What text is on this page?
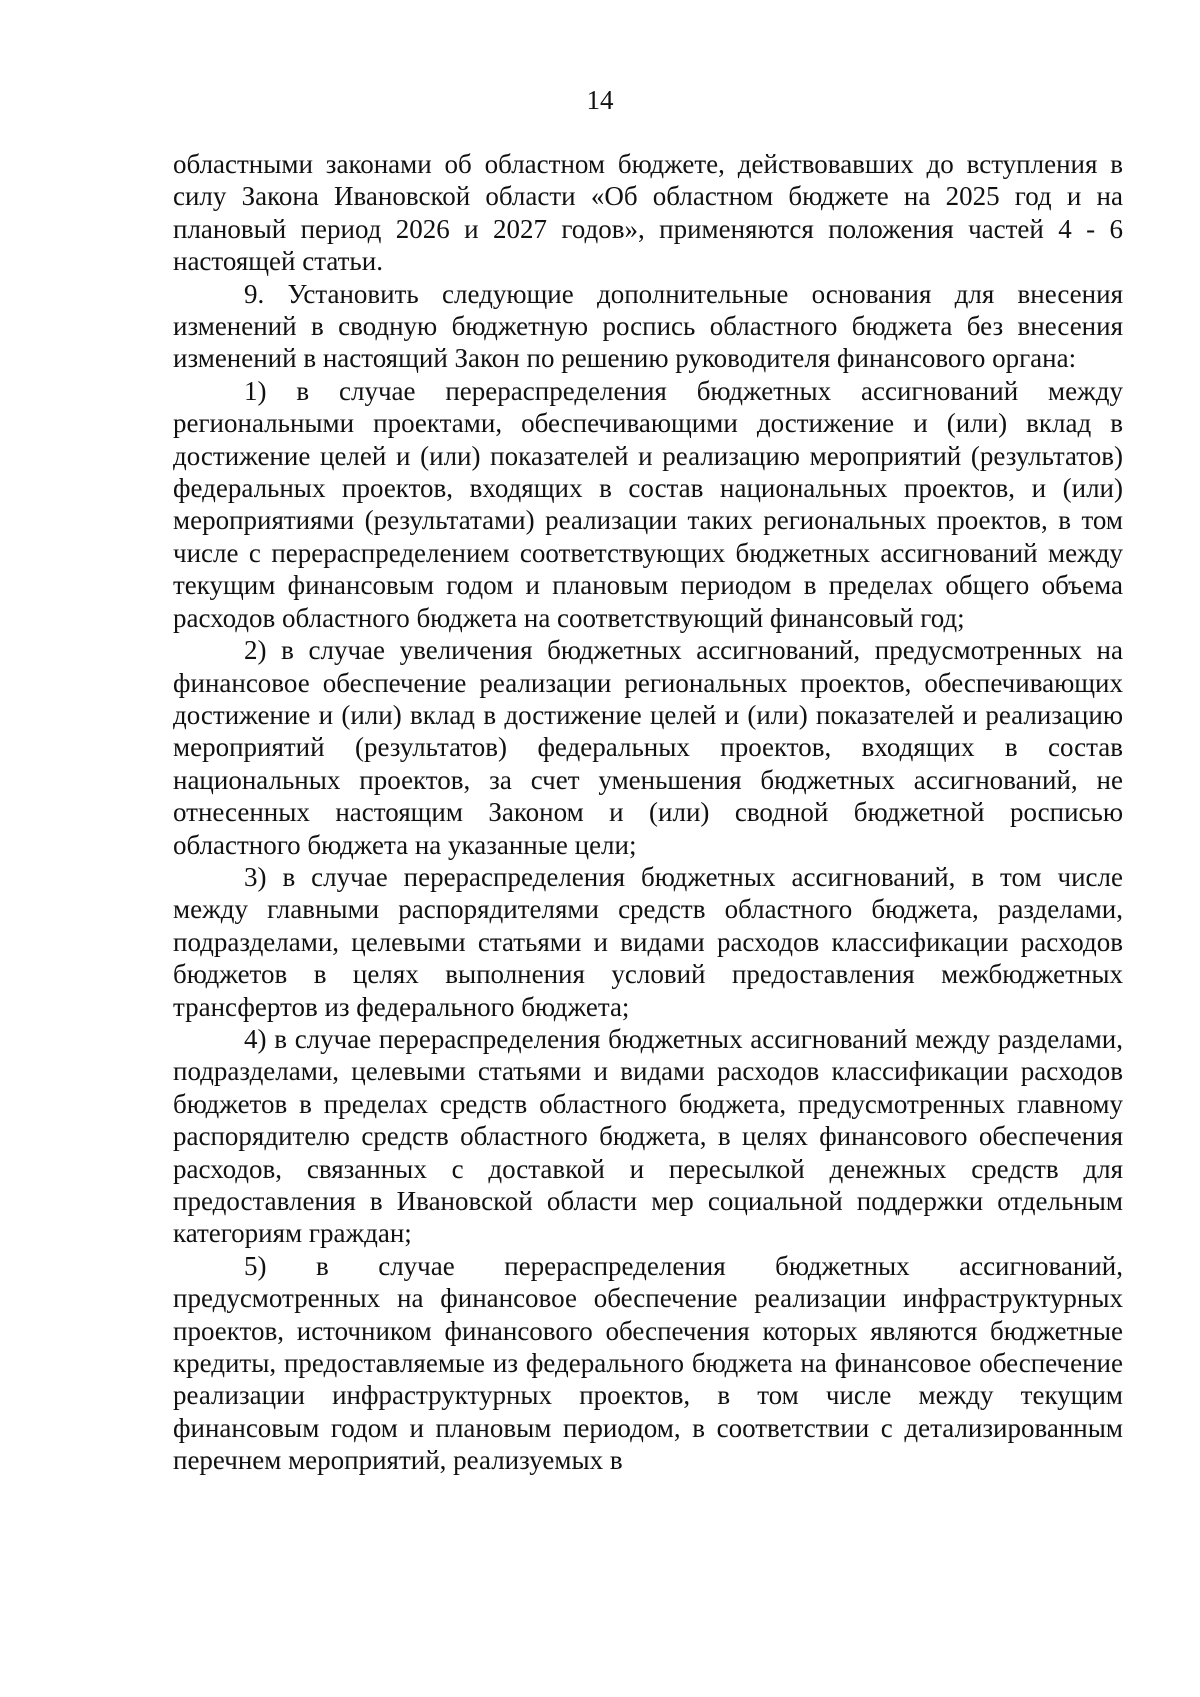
14

областными законами об областном бюджете, действовавших до вступления в силу Закона Ивановской области «Об областном бюджете на 2025 год и на плановый период 2026 и 2027 годов», применяются положения частей 4 - 6 настоящей статьи.

9. Установить следующие дополнительные основания для внесения изменений в сводную бюджетную роспись областного бюджета без внесения изменений в настоящий Закон по решению руководителя финансового органа:

1) в случае перераспределения бюджетных ассигнований между региональными проектами, обеспечивающими достижение и (или) вклад в достижение целей и (или) показателей и реализацию мероприятий (результатов) федеральных проектов, входящих в состав национальных проектов, и (или) мероприятиями (результатами) реализации таких региональных проектов, в том числе с перераспределением соответствующих бюджетных ассигнований между текущим финансовым годом и плановым периодом в пределах общего объема расходов областного бюджета на соответствующий финансовый год;

2) в случае увеличения бюджетных ассигнований, предусмотренных на финансовое обеспечение реализации региональных проектов, обеспечивающих достижение и (или) вклад в достижение целей и (или) показателей и реализацию мероприятий (результатов) федеральных проектов, входящих в состав национальных проектов, за счет уменьшения бюджетных ассигнований, не отнесенных настоящим Законом и (или) сводной бюджетной росписью областного бюджета на указанные цели;

3) в случае перераспределения бюджетных ассигнований, в том числе между главными распорядителями средств областного бюджета, разделами, подразделами, целевыми статьями и видами расходов классификации расходов бюджетов в целях выполнения условий предоставления межбюджетных трансфертов из федерального бюджета;

4) в случае перераспределения бюджетных ассигнований между разделами, подразделами, целевыми статьями и видами расходов классификации расходов бюджетов в пределах средств областного бюджета, предусмотренных главному распорядителю средств областного бюджета, в целях финансового обеспечения расходов, связанных с доставкой и пересылкой денежных средств для предоставления в Ивановской области мер социальной поддержки отдельным категориям граждан;

5) в случае перераспределения бюджетных ассигнований, предусмотренных на финансовое обеспечение реализации инфраструктурных проектов, источником финансового обеспечения которых являются бюджетные кредиты, предоставляемые из федерального бюджета на финансовое обеспечение реализации инфраструктурных проектов, в том числе между текущим финансовым годом и плановым периодом, в соответствии с детализированным перечнем мероприятий, реализуемых в
